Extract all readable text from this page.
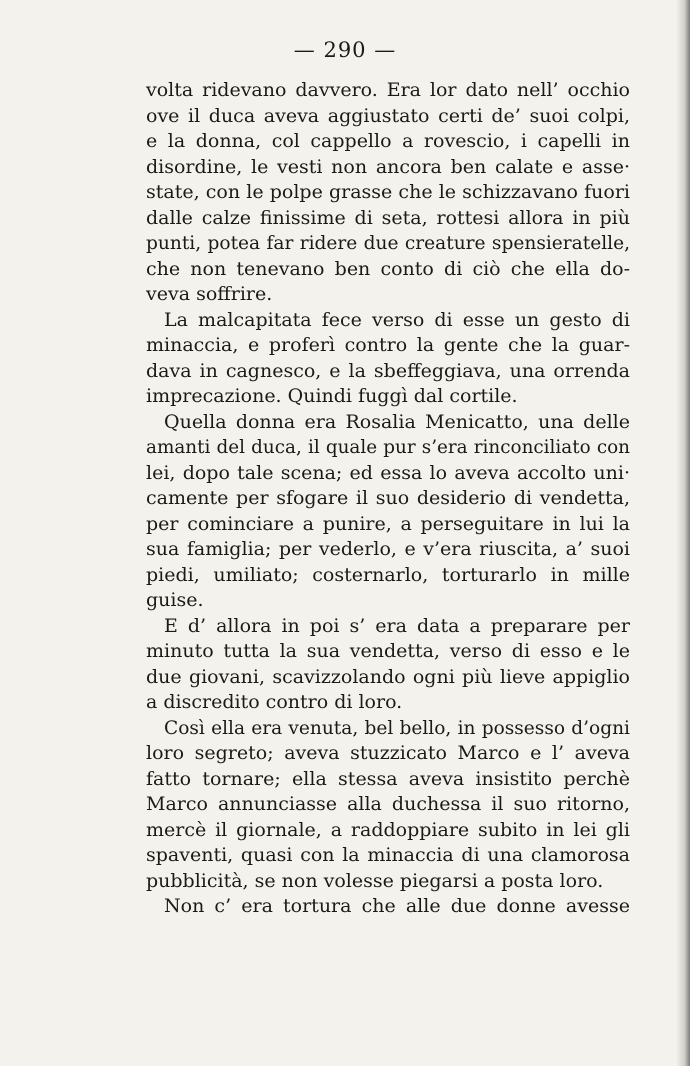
— 290 —

volta ridevano davvero. Era lor dato nell’ occhio
ove il duca aveva aggiustato certi de’ suoi colpi,
e la donna, col cappello a rovescio, i capelli in
disordine, le vesti non ancora ben calate e asse·
state, con le polpe grasse che le schizzavano fuori
dalle calze finissime di seta, rottesi allora in più
punti, potea far ridere due creature spensieratelle,
che non tenevano ben conto di ciò che ella do-
veva soffrire.

La malcapitata fece verso di esse un gesto di
minaccia, e proferì contro la gente che la guar-
dava in cagnesco, e la sbeffeggiava, una orrenda
imprecazione. Quindi fuggì dal cortile.

Quella donna era Rosalia Menicatto, una delle
amanti del duca, il quale pur s’era rinconciliato con
lei, dopo tale scena; ed essa lo aveva accolto uni·
camente per sfogare il suo desiderio di vendetta,
per cominciare a punire, a perseguitare in lui la
sua famiglia; per vederlo, e v’era riuscita, a’ suoi
piedi, umiliato; costernarlo, torturarlo in mille
guise.

E d’ allora in poi s’ era data a preparare per
minuto tutta la sua vendetta, verso di esso e le
due giovani, scavizzolando ogni più lieve appiglio
a discredito contro di loro.

Così ella era venuta, bel bello, in possesso d’ogni
loro segreto; aveva stuzzicato Marco e l’ aveva
fatto tornare; ella stessa aveva insistito perchè
Marco annunciasse alla duchessa il suo ritorno,
mercè il giornale, a raddoppiare subito in lei gli
spaventi, quasi con la minaccia di una clamorosa
pubblicità, se non volesse piegarsi a posta loro.

Non c’ era tortura che alle due donne avesse
